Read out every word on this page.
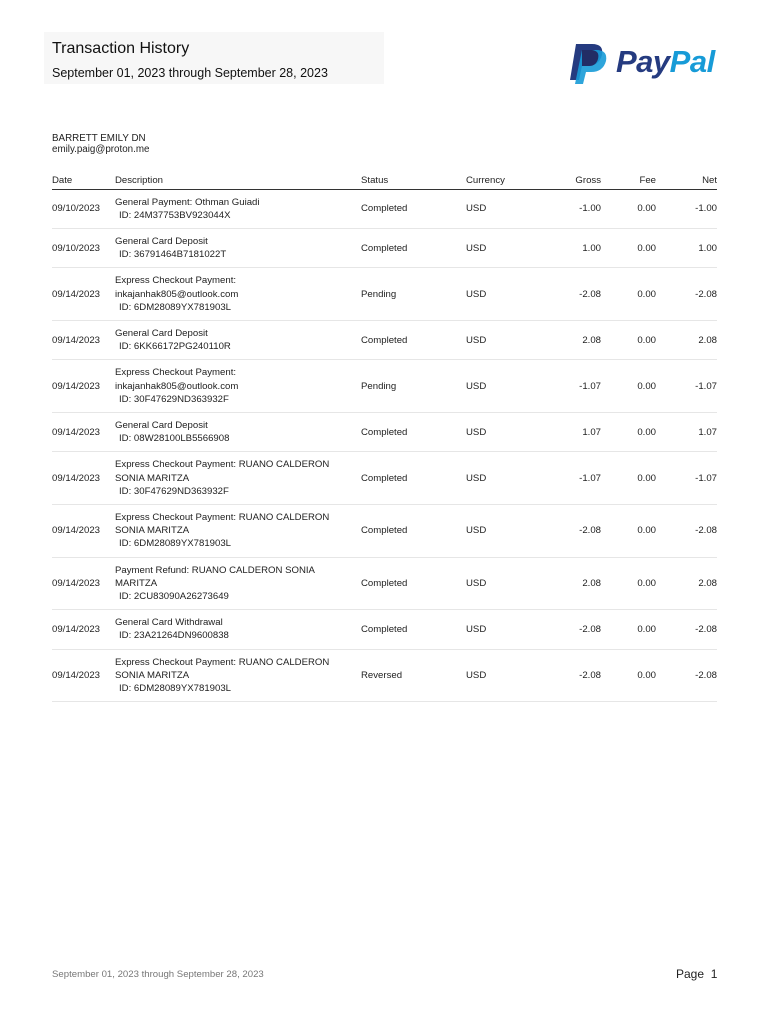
Transaction History
September 01, 2023 through September 28, 2023	PayPal
BARRETT EMILY DN
emily.paig@proton.me
Date	Description	Status	Currency	Gross	Fee	Net
09/10/2023	General Payment: Othman Guiadi
ID: 24M37753BV923044X	Completed	USD	-1.00	0.00	-1.00
09/10/2023	General Card Deposit
ID: 36791464B7181022T	Completed	USD	1.00	0.00	1.00
09/14/2023	Express Checkout Payment:
inkajanhak805@outlook.com
ID: 6DM28089YX781903L	Pending	USD	-2.08	0.00	-2.08
09/14/2023	General Card Deposit
ID: 6KK66172PG240110R	Completed	USD	2.08	0.00	2.08
09/14/2023	Express Checkout Payment:
inkajanhak805@outlook.com
ID: 30F47629ND363932F	Pending	USD	-1.07	0.00	-1.07
09/14/2023	General Card Deposit
ID: 08W28100LB5566908	Completed	USD	1.07	0.00	1.07
09/14/2023	Express Checkout Payment: RUANO CALDERON
SONIA MARITZA
ID: 30F47629ND363932F	Completed	USD	-1.07	0.00	-1.07
09/14/2023	Express Checkout Payment: RUANO CALDERON
SONIA MARITZA
ID: 6DM28089YX781903L	Completed	USD	-2.08	0.00	-2.08
09/14/2023	Payment Refund: RUANO CALDERON SONIA
MARITZA
ID: 2CU83090A26273649	Completed	USD	2.08	0.00	2.08
09/14/2023	General Card Withdrawal
ID: 23A21264DN9600838	Completed	USD	-2.08	0.00	-2.08
09/14/2023	Express Checkout Payment: RUANO CALDERON
SONIA MARITZA
ID: 6DM28089YX781903L	Reversed	USD	-2.08	0.00	-2.08
September 01, 2023 through September 28, 2023	Page 1
